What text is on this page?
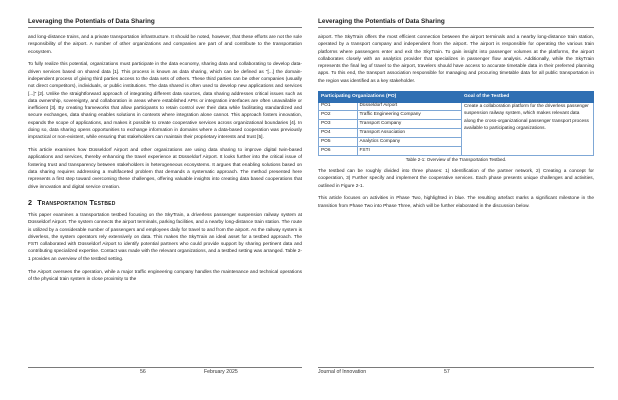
Leveraging the Potentials of Data Sharing

and long-distance trains, and a private transportation infrastructure. It should be noted, however, that these efforts are not the sole responsibility of the airport. A number of other organizations and companies are part of and contribute to the transportation ecosystem.

To fully realize this potential, organizations must participate in the data economy, sharing data and collaborating to develop data-driven services based on shared data [1]. This process is known as data sharing, which can be defined as "[...] the domain-independent process of giving third parties access to the data sets of others. These third parties can be other companies (usually not direct competitors), individuals, or public institutions. The data shared is often used to develop new applications and services [...]" [2]. Unlike the straightforward approach of integrating different data sources, data sharing addresses critical issues such as data ownership, sovereignty, and collaboration in areas where established APIs or integration interfaces are often unavailable or inefficient [3]. By creating frameworks that allow participants to retain control over their data while facilitating standardized and secure exchanges, data sharing enables solutions in contexts where integration alone cannot. This approach fosters innovation, expands the scope of applications, and makes it possible to create cooperative services across organizational boundaries [4]. In doing so, data sharing opens opportunities to exchange information in domains where a data-based cooperation was previously impractical or non-existent, while ensuring that stakeholders can maintain their proprietary interests and trust [5].

This article examines how Düsseldorf Airport and other organizations are using data sharing to improve digital twin-based applications and services, thereby enhancing the travel experience at Düsseldorf Airport. It looks further into the critical issue of fostering trust and transparency between stakeholders in heterogeneous ecosystems. It argues that enabling solutions based on data sharing requires addressing a multifaceted problem that demands a systematic approach. The method presented here represents a first step toward overcoming these challenges, offering valuable insights into creating data based cooperations that drive innovation and digital service creation.

2 Transportation Testbed

This paper examines a transportation testbed focusing on the SkyTrain, a driverless passenger suspension railway system at Düsseldorf Airport. The system connects the airport terminals, parking facilities, and a nearby long-distance train station. The route is utilized by a considerable number of passengers and employees daily for travel to and from the airport. As the railway system is driverless, the system operators rely extensively on data. This makes the SkyTrain an ideal asset for a testbed approach. The FSTI collaborated with Düsseldorf Airport to identify potential partners who could provide support by sharing pertinent data and contributing specialized expertise. Contact was made with the relevant organizations, and a testbed setting was arranged. Table 2-1 provides an overview of the testbed setting.

The Airport oversees the operation, while a major traffic engineering company handles the maintenance and technical operations of the physical train system in close proximity to the

56	February 2025
Leveraging the Potentials of Data Sharing

airport. The SkyTrain offers the most efficient connection between the airport terminals and a nearby long-distance train station, operated by a transport company and independent from the airport. The airport is responsible for operating the various train platforms where passengers enter and exit the SkyTrain. To gain insight into passenger volumes at the platforms, the airport collaborates closely with an analytics provider that specializes in passenger flow analysis. Additionally, while the SkyTrain represents the final leg of travel to the airport, travelers should have access to accurate timetable data in their preferred planning apps. To this end, the transport association responsible for managing and procuring timetable data for all public transportation in the region was identified as a key stakeholder.

Participating Organizations (PO)		Goal of the Testbed
PO1	Düsseldorf Airport	Create a collaboration platform for the driverless passenger suspension railway system, which makes relevant data along the cross-organizational passenger transport process available to participating organizations.
PO2	Traffic Engineering Company	
PO3	Transport Company	
PO4	Transport Association	
PO5	Analytics Company	
PO6	FSTI	
Table 2-1: Overview of the Transportation Testbed.

The testbed can be roughly divided into three phases: 1) Identification of the partner network, 2) Creating a concept for cooperation, 3) Further specify and implement the cooperative services. Each phase presents unique challenges and activities, outlined in Figure 2-1.

This article focuses on activities in Phase Two, highlighted in blue. The resulting artefact marks a significant milestone in the transition from Phase Two into Phase Three, which will be further elaborated in the discussion below.

Journal of Innovation	57
